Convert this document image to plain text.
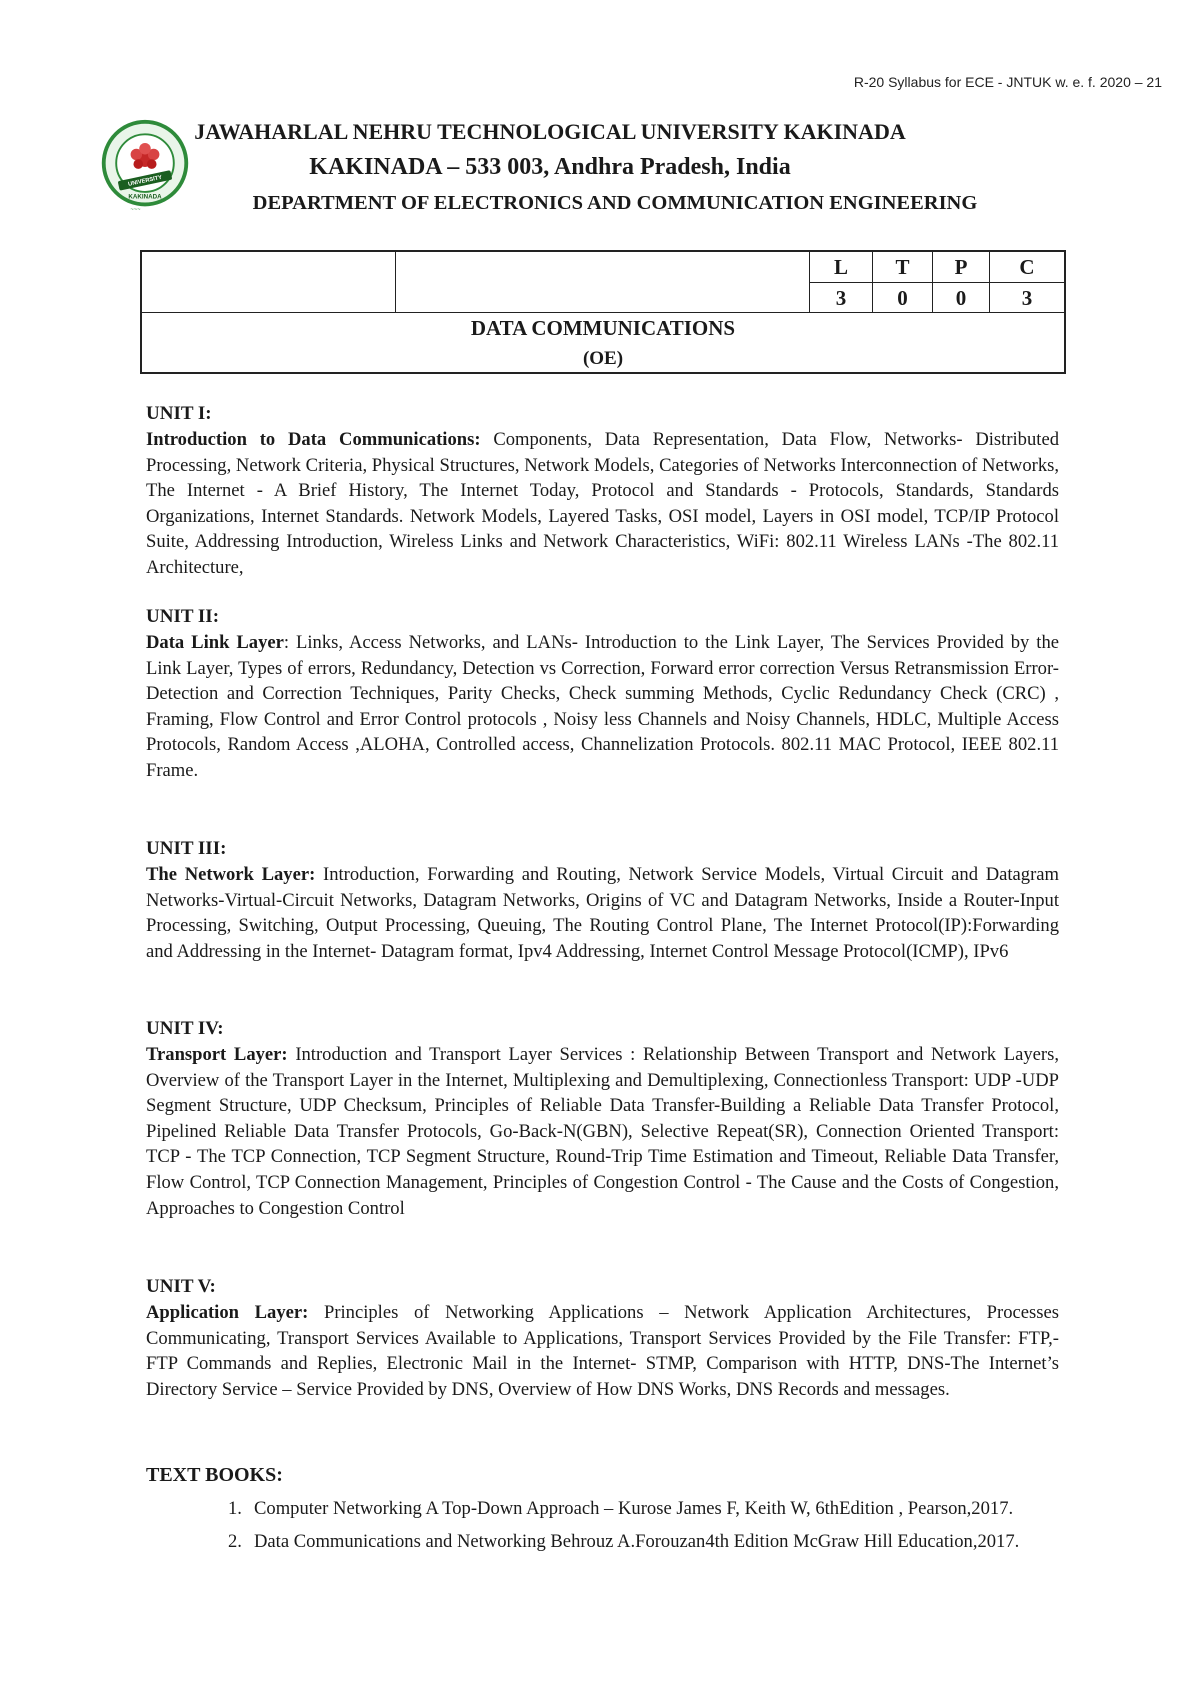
R-20 Syllabus for ECE - JNTUK w. e. f. 2020 – 21
UNIVERSITY
KAKINADA
~~~
JAWAHARLAL NEHRU TECHNOLOGICAL UNIVERSITY KAKINADA
KAKINADA – 533 003, Andhra Pradesh, India
DEPARTMENT OF ELECTRONICS AND COMMUNICATION ENGINEERING
L	T	P	C
3	0	0	3
DATA COMMUNICATIONS
(OE)
UNIT I:
Introduction to Data Communications: Components, Data Representation, Data Flow, Networks- Distributed Processing, Network Criteria, Physical Structures, Network Models, Categories of Networks Interconnection of Networks, The Internet - A Brief History, The Internet Today, Protocol and Standards - Protocols, Standards, Standards Organizations, Internet Standards. Network Models, Layered Tasks, OSI model, Layers in OSI model, TCP/IP Protocol Suite, Addressing Introduction, Wireless Links and Network Characteristics, WiFi: 802.11 Wireless LANs -The 802.11 Architecture,
UNIT II:
Data Link Layer: Links, Access Networks, and LANs- Introduction to the Link Layer, The Services Provided by the Link Layer, Types of errors, Redundancy, Detection vs Correction, Forward error correction Versus Retransmission Error-Detection and Correction Techniques, Parity Checks, Check summing Methods, Cyclic Redundancy Check (CRC) , Framing, Flow Control and Error Control protocols , Noisy less Channels and Noisy Channels, HDLC, Multiple Access Protocols, Random Access ,ALOHA, Controlled access, Channelization Protocols. 802.11 MAC Protocol, IEEE 802.11 Frame.
UNIT III:
The Network Layer: Introduction, Forwarding and Routing, Network Service Models, Virtual Circuit and Datagram Networks-Virtual-Circuit Networks, Datagram Networks, Origins of VC and Datagram Networks, Inside a Router-Input Processing, Switching, Output Processing, Queuing, The Routing Control Plane, The Internet Protocol(IP):Forwarding and Addressing in the Internet- Datagram format, Ipv4 Addressing, Internet Control Message Protocol(ICMP), IPv6
UNIT IV:
Transport Layer: Introduction and Transport Layer Services : Relationship Between Transport and Network Layers, Overview of the Transport Layer in the Internet, Multiplexing and Demultiplexing, Connectionless Transport: UDP -UDP Segment Structure, UDP Checksum, Principles of Reliable Data Transfer-Building a Reliable Data Transfer Protocol, Pipelined Reliable Data Transfer Protocols, Go-Back-N(GBN), Selective Repeat(SR), Connection Oriented Transport: TCP - The TCP Connection, TCP Segment Structure, Round-Trip Time Estimation and Timeout, Reliable Data Transfer, Flow Control, TCP Connection Management, Principles of Congestion Control - The Cause and the Costs of Congestion, Approaches to Congestion Control
UNIT V:
Application Layer: Principles of Networking Applications – Network Application Architectures, Processes Communicating, Transport Services Available to Applications, Transport Services Provided by the File Transfer: FTP,- FTP Commands and Replies, Electronic Mail in the Internet- STMP, Comparison with HTTP, DNS-The Internet’s Directory Service – Service Provided by DNS, Overview of How DNS Works, DNS Records and messages.
TEXT BOOKS:
1. Computer Networking A Top-Down Approach – Kurose James F, Keith W, 6thEdition , Pearson,2017.
2. Data Communications and Networking Behrouz A.Forouzan4th Edition McGraw Hill Education,2017.
